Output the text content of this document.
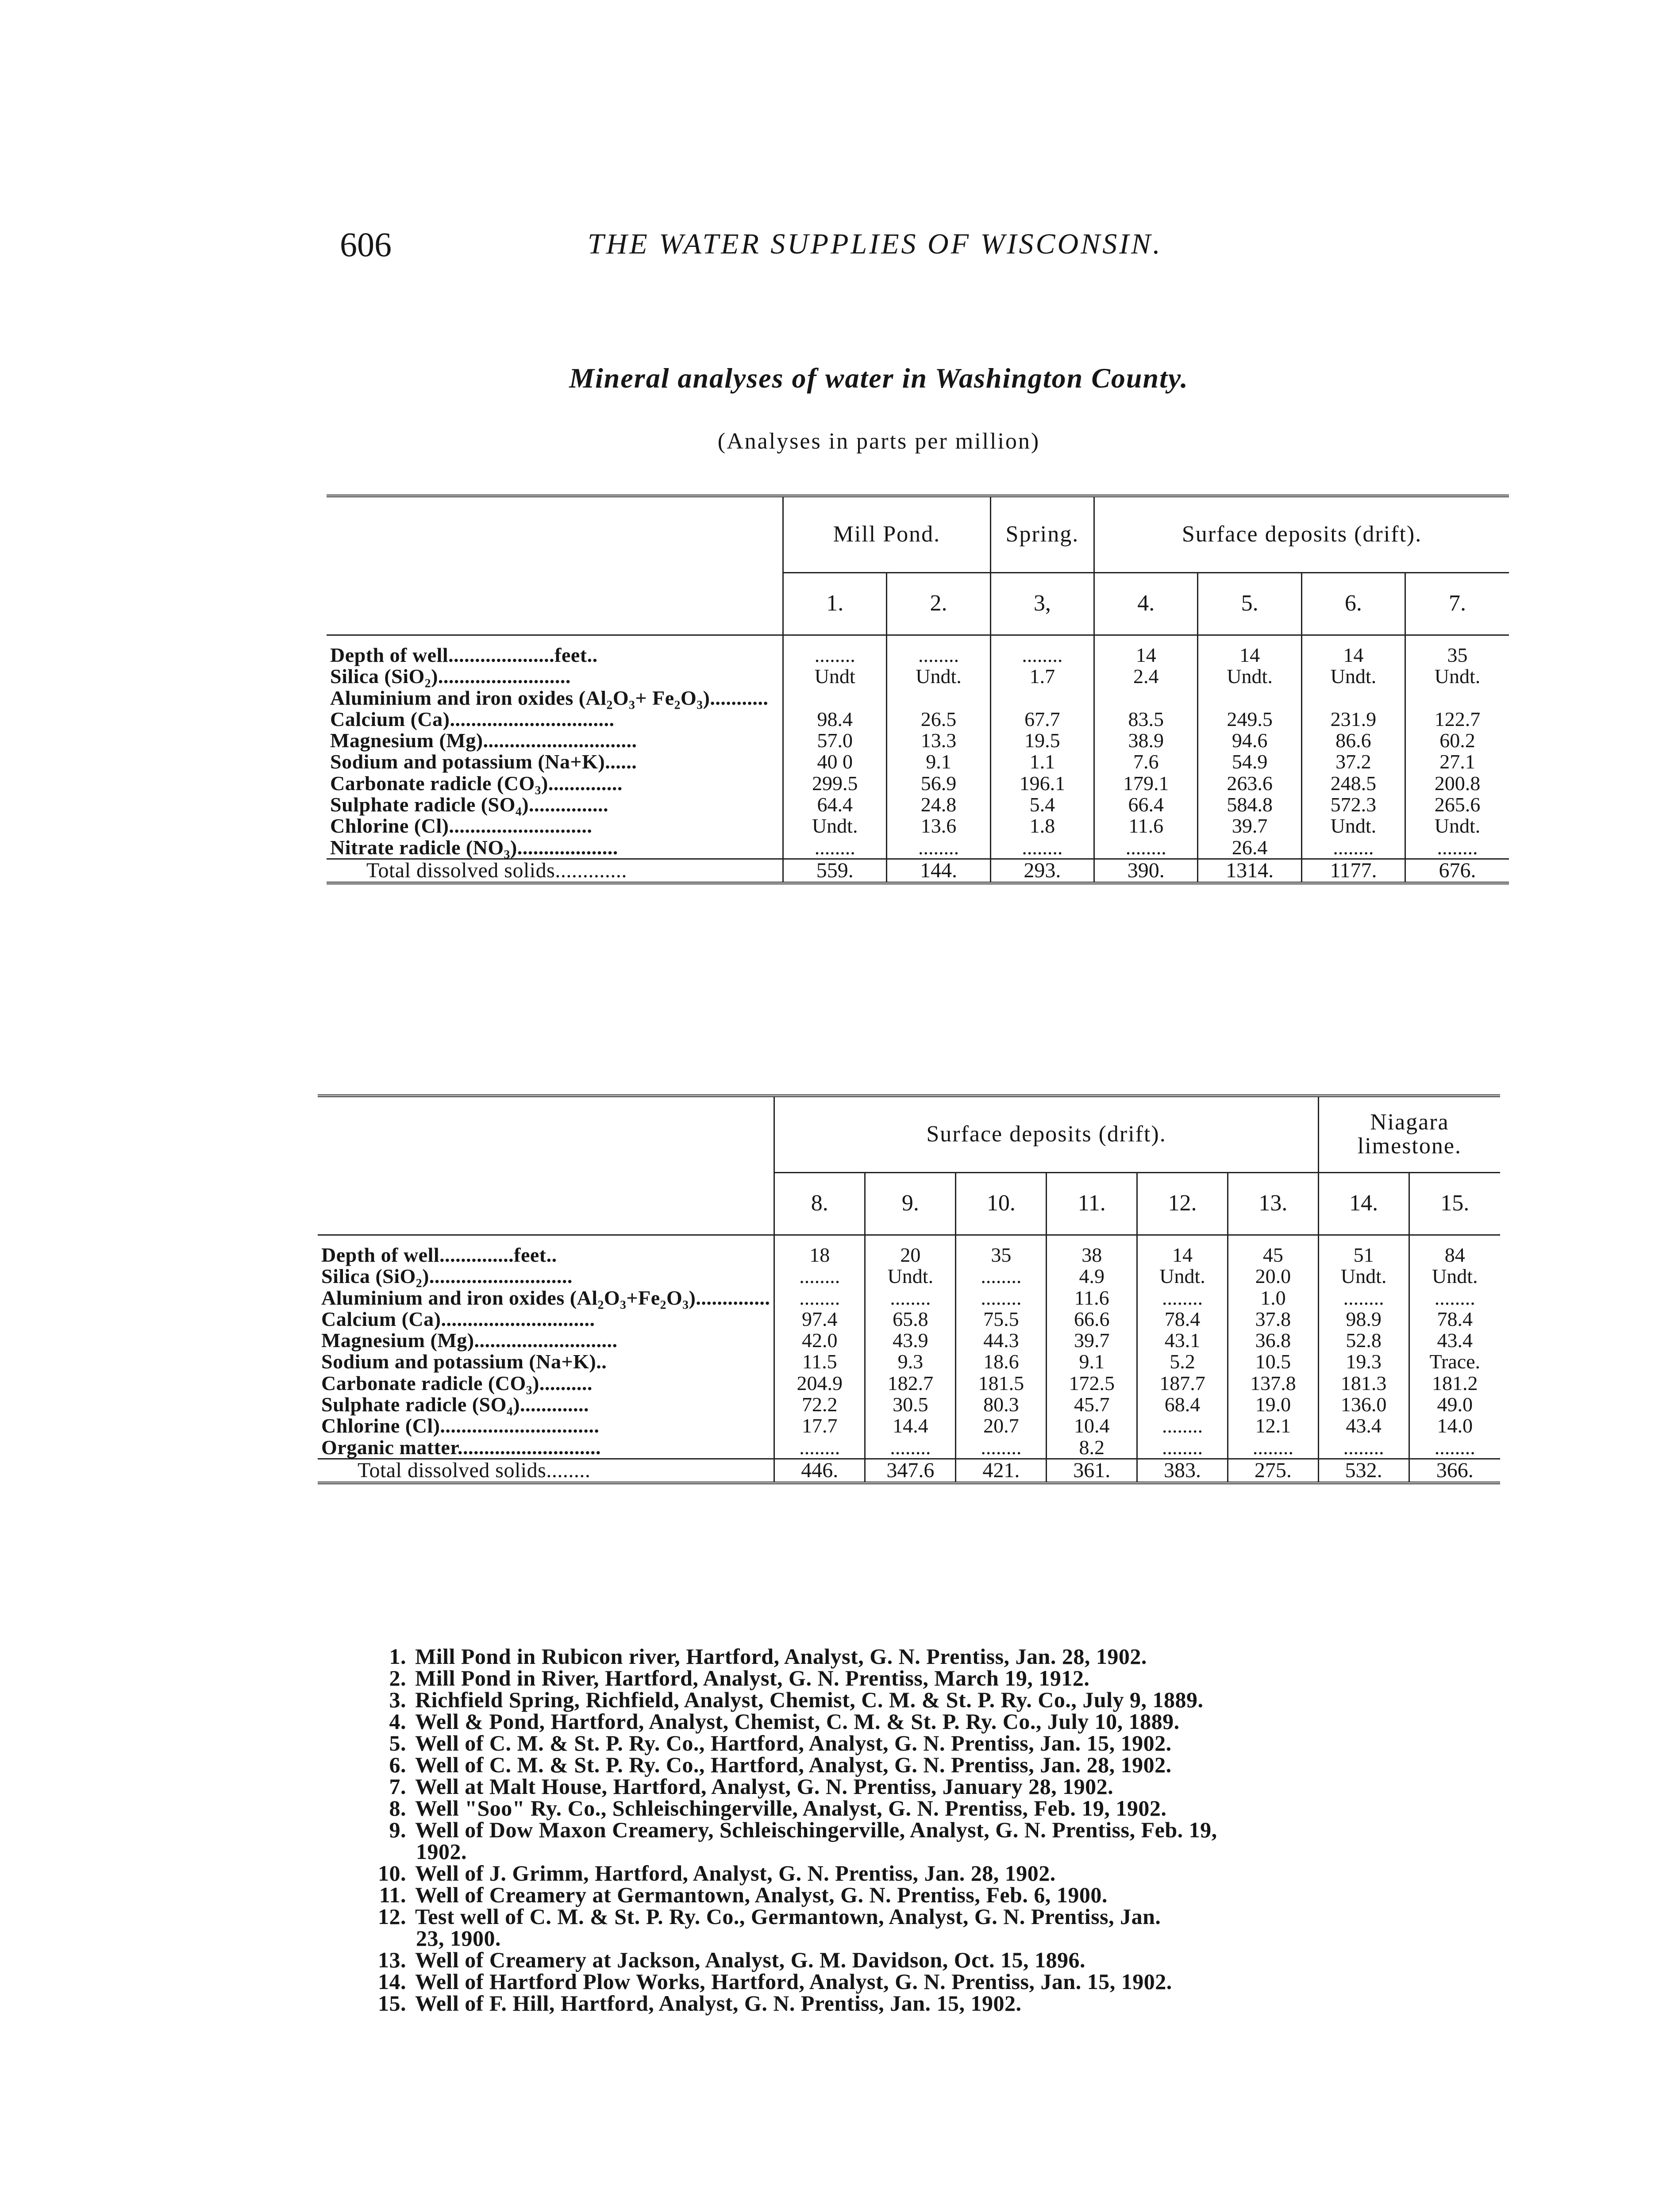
606	THE WATER SUPPLIES OF WISCONSIN.
Mineral analyses of water in Washington County.
(Analyses in parts per million)
	Mill Pond.		Spring.	Surface deposits (drift).			
	1.	2.	3,	4.	5.	6.	7.

Depth of well....................feet..	........	........	........	14	14	14	35
Silica (SiO₂).........................	Undt	Undt.	1.7	2.4	Undt.	Undt.	Undt.
Aluminium and iron oxides (Al₂O₃+ Fe₂O₃)...........							
Calcium (Ca)...............................	98.4	26.5	67.7	83.5	249.5	231.9	122.7
Magnesium (Mg).............................	57.0	13.3	19.5	38.9	94.6	86.6	60.2
Sodium and potassium (Na+K)......	40 0	9.1	1.1	7.6	54.9	37.2	27.1
Carbonate radicle (CO₃)..............	299.5	56.9	196.1	179.1	263.6	248.5	200.8
Sulphate radicle (SO₄)...............	64.4	24.8	5.4	66.4	584.8	572.3	265.6
Chlorine (Cl)...........................	Undt.	13.6	1.8	11.6	39.7	Undt.	Undt.
Nitrate radicle (NO₃)...................	........	........	........	........	26.4	........	........
Total dissolved solids.............	559.	144.	293.	390.	1314.	1177.	676.

	Surface deposits (drift).						Niagara limestone.	
	8.	9.	10.	11.	12.	13.	14.	15.

Depth of well..............feet..	18	20	35	38	14	45	51	84
Silica (SiO₂)...........................	........	Undt.	........	4.9	Undt.	20.0	Undt.	Undt.
Aluminium and iron oxides (Al₂O₃+Fe₂O₃)..............	........	........	........	11.6	........	1.0	........	........
Calcium (Ca).............................	97.4	65.8	75.5	66.6	78.4	37.8	98.9	78.4
Magnesium (Mg)...........................	42.0	43.9	44.3	39.7	43.1	36.8	52.8	43.4
Sodium and potassium (Na+K)..	11.5	9.3	18.6	9.1	5.2	10.5	19.3	Trace.
Carbonate radicle (CO₃)..........	204.9	182.7	181.5	172.5	187.7	137.8	181.3	181.2
Sulphate radicle (SO₄).............	72.2	30.5	80.3	45.7	68.4	19.0	136.0	49.0
Chlorine (Cl)..............................	17.7	14.4	20.7	10.4	........	12.1	43.4	14.0
Organic matter...........................	........	........	........	8.2	........	........	........	........
Total dissolved solids........	446.	347.6	421.	361.	383.	275.	532.	366.

1. Mill Pond in Rubicon river, Hartford, Analyst, G. N. Prentiss, Jan. 28, 1902.
2. Mill Pond in River, Hartford, Analyst, G. N. Prentiss, March 19, 1912.
3. Richfield Spring, Richfield, Analyst, Chemist, C. M. & St. P. Ry. Co., July 9, 1889.
4. Well & Pond, Hartford, Analyst, Chemist, C. M. & St. P. Ry. Co., July 10, 1889.
5. Well of C. M. & St. P. Ry. Co., Hartford, Analyst, G. N. Prentiss, Jan. 15, 1902.
6. Well of C. M. & St. P. Ry. Co., Hartford, Analyst, G. N. Prentiss, Jan. 28, 1902.
7. Well at Malt House, Hartford, Analyst, G. N. Prentiss, January 28, 1902.
8. Well "Soo" Ry. Co., Schleischingerville, Analyst, G. N. Prentiss, Feb. 19, 1902.
9. Well of Dow Maxon Creamery, Schleischingerville, Analyst, G. N. Prentiss, Feb. 19,
1902.
10. Well of J. Grimm, Hartford, Analyst, G. N. Prentiss, Jan. 28, 1902.
11. Well of Creamery at Germantown, Analyst, G. N. Prentiss, Feb. 6, 1900.
12. Test well of C. M. & St. P. Ry. Co., Germantown, Analyst, G. N. Prentiss, Jan.
23, 1900.
13. Well of Creamery at Jackson, Analyst, G. M. Davidson, Oct. 15, 1896.
14. Well of Hartford Plow Works, Hartford, Analyst, G. N. Prentiss, Jan. 15, 1902.
15. Well of F. Hill, Hartford, Analyst, G. N. Prentiss, Jan. 15, 1902.
